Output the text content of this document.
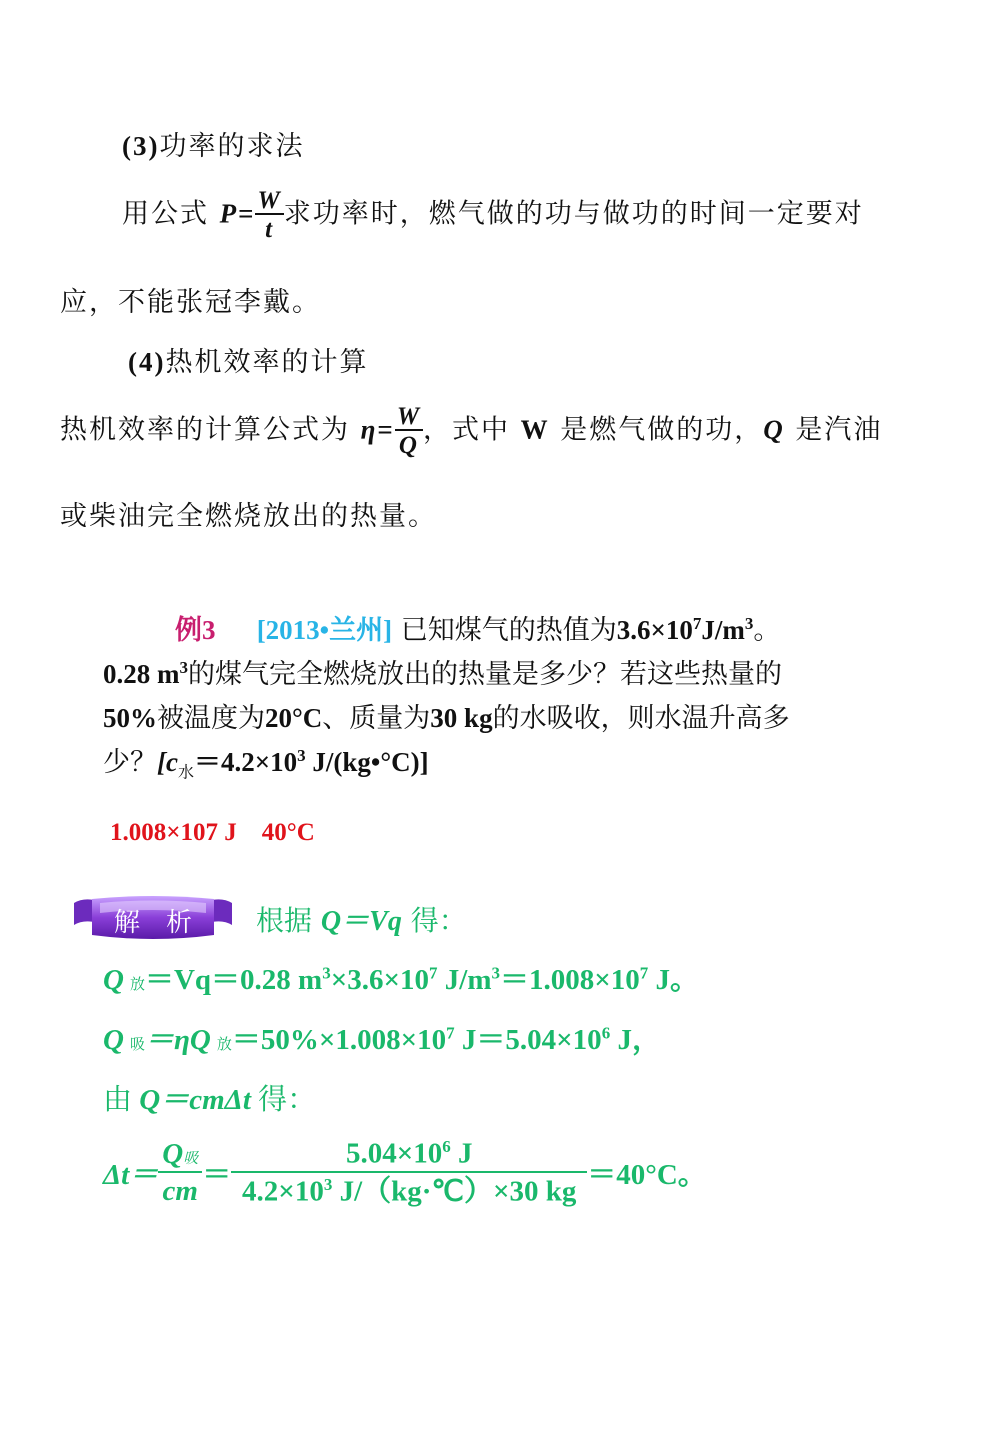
(3)功率的求法
用公式 $P= \frac{W}{t}$ 求功率时，燃气做的功与做功的时间一定要对
应，不能张冠李戴。
(4)热机效率的计算
热机效率的计算公式为 $\eta= \frac{W}{Q}$ ，式中 W 是燃气做的功，Q 是汽油
或柴油完全燃烧放出的热量。
例3 [2013•兰州] 已知煤气的热值为$3.6\times 10^7J/m^3$。
0.28 $m^3$的煤气完全燃烧放出的热量是多少？若这些热量的
50%被温度为20°C、质量为30 kg的水吸收，则水温升高多
少？[$c_水=4.2\times 10^3$ J/(kg•°C)]
1.008×107 J　40°C
解　析	根据 Q＝Vq 得：
Q放＝Vq＝0.28 $m^3\times 3.6\times 10^7$ $J/m^3=1.008\times 10^7$ J。
Q吸＝ηQ 放$=50\%\times 1.008\times 10^7$ $J=5.04\times 10^6$ J，
由 Q＝cmΔt 得：
$\Delta t= \frac{\text{Q吸}}{cm} = \frac{5.04\times 10^6 J}{4.2\times 10^3 J/(kg\cdot℃)\times 30 kg} =40^\circ C$。
